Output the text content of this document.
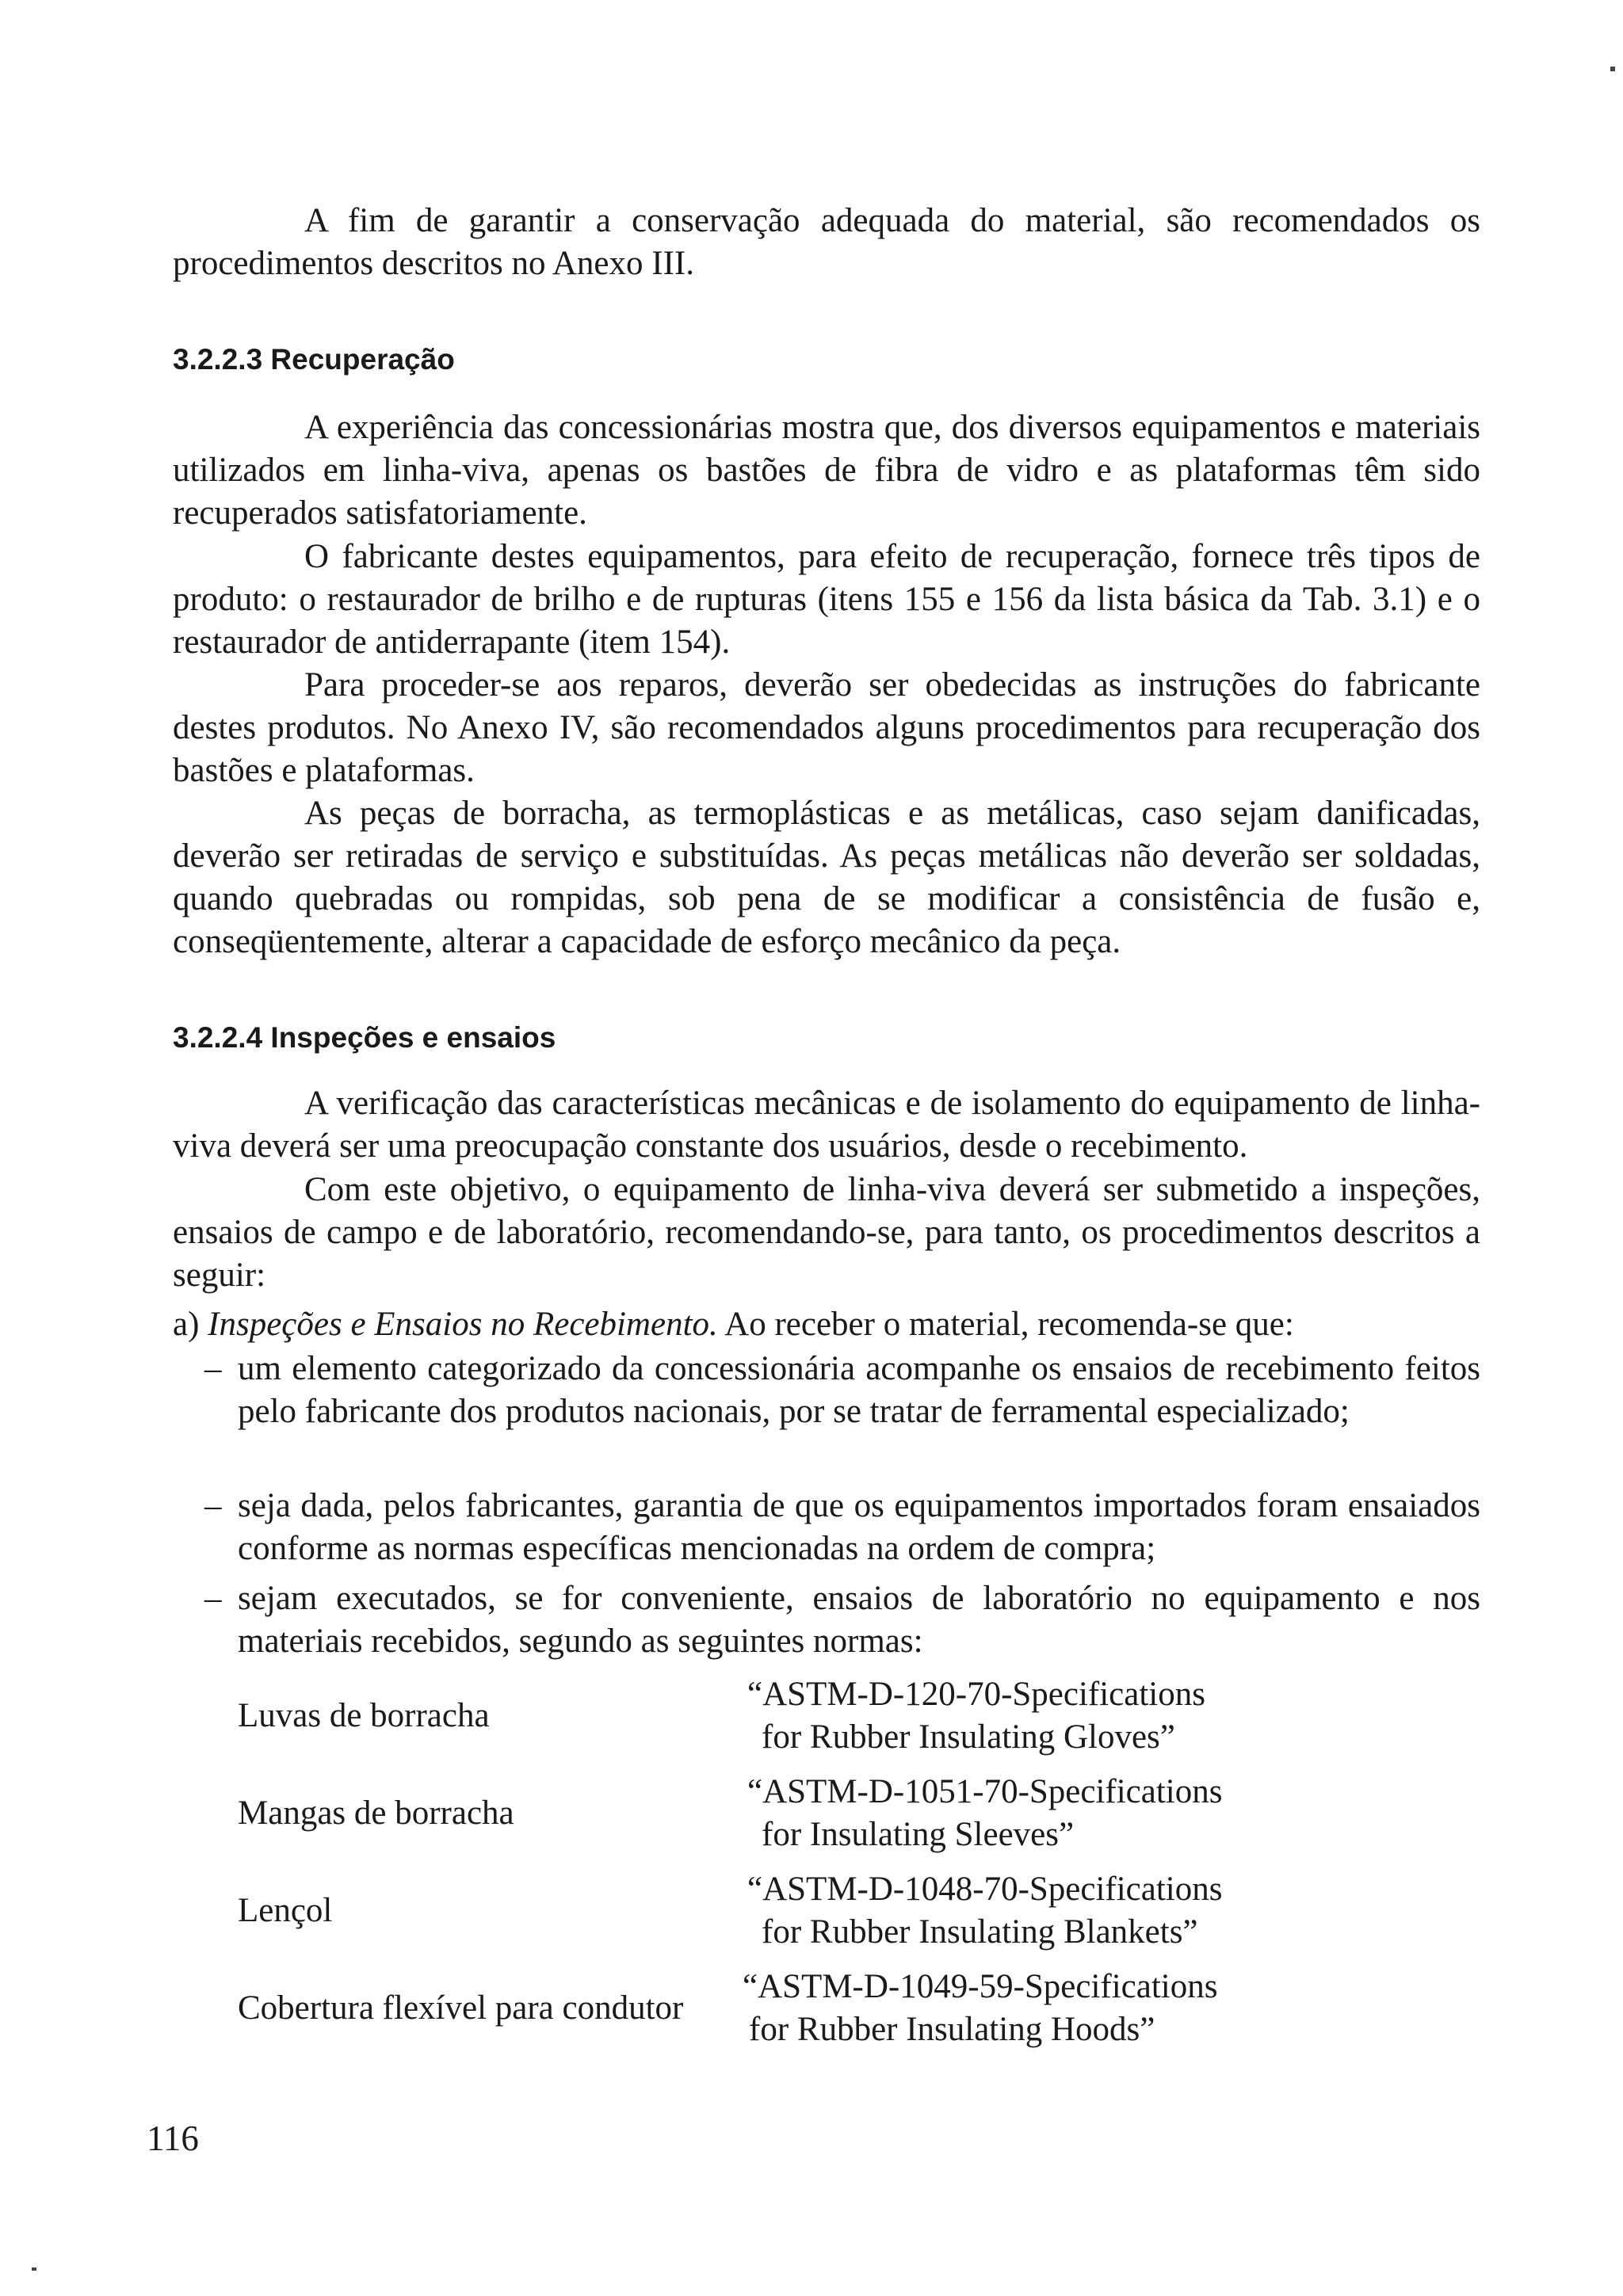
A fim de garantir a conservação adequada do material, são recomendados os procedimentos descritos no Anexo III.

3.2.2.3 Recuperação

A experiência das concessionárias mostra que, dos diversos equipamentos e materiais utilizados em linha-viva, apenas os bastões de fibra de vidro e as plataformas têm sido recuperados satisfatoriamente.

O fabricante destes equipamentos, para efeito de recuperação, fornece três tipos de produto: o restaurador de brilho e de rupturas (itens 155 e 156 da lista básica da Tab. 3.1) e o restaurador de antiderrapante (item 154).

Para proceder-se aos reparos, deverão ser obedecidas as instruções do fabricante destes produtos. No Anexo IV, são recomendados alguns procedimentos para recuperação dos bastões e plataformas.

As peças de borracha, as termoplásticas e as metálicas, caso sejam danificadas, deverão ser retiradas de serviço e substituídas. As peças metálicas não deverão ser soldadas, quando quebradas ou rompidas, sob pena de se modificar a consistência de fusão e, conseqüentemente, alterar a capacidade de esforço mecânico da peça.

3.2.2.4 Inspeções e ensaios

A verificação das características mecânicas e de isolamento do equipamento de linha-viva deverá ser uma preocupação constante dos usuários, desde o recebimento.

Com este objetivo, o equipamento de linha-viva deverá ser submetido a inspeções, ensaios de campo e de laboratório, recomendando-se, para tanto, os procedimentos descritos a seguir:

a) Inspeções e Ensaios no Recebimento. Ao receber o material, recomenda-se que:

– um elemento categorizado da concessionária acompanhe os ensaios de recebimento feitos pelo fabricante dos produtos nacionais, por se tratar de ferramental especializado;
– seja dada, pelos fabricantes, garantia de que os equipamentos importados foram ensaiados conforme as normas específicas mencionadas na ordem de compra;
– sejam executados, se for conveniente, ensaios de laboratório no equipamento e nos materiais recebidos, segundo as seguintes normas:
Luvas de borracha
“ASTM-D-120-70-Specifications
for Rubber Insulating Gloves”
Mangas de borracha
“ASTM-D-1051-70-Specifications
for Insulating Sleeves”
Lençol
“ASTM-D-1048-70-Specifications
for Rubber Insulating Blankets”
Cobertura flexível para condutor
“ASTM-D-1049-59-Specifications
for Rubber Insulating Hoods”
116
